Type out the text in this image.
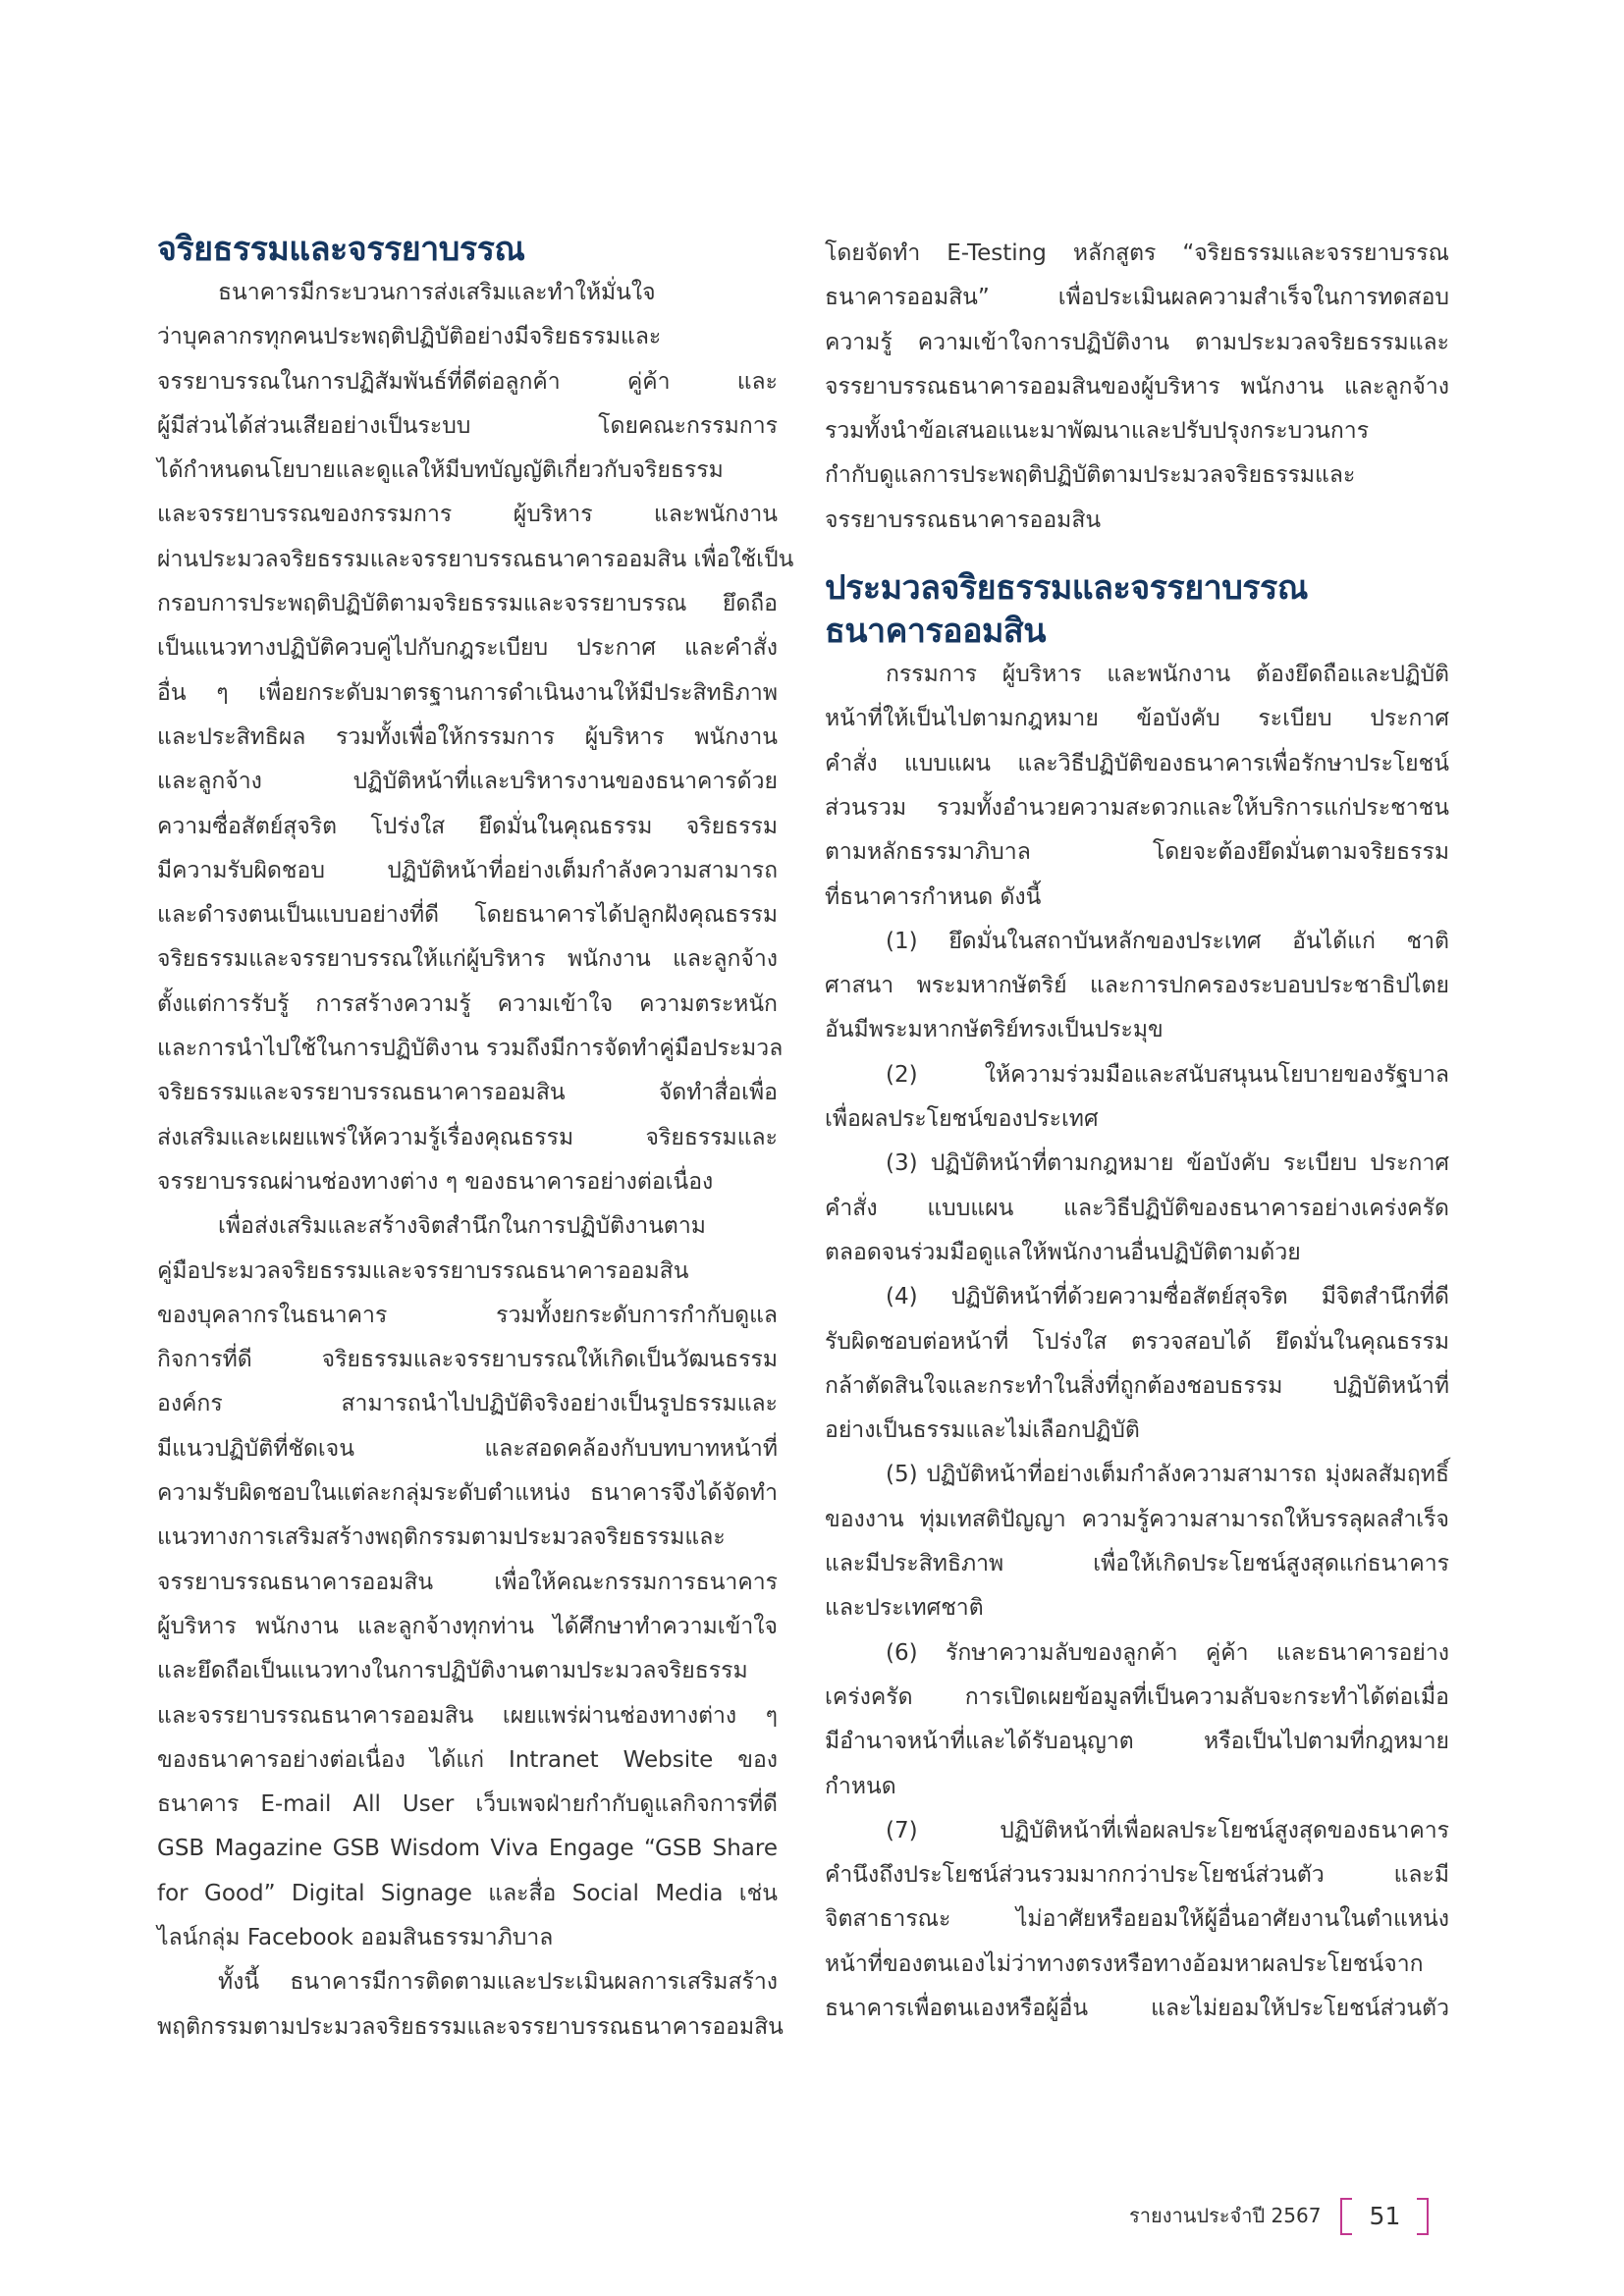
จริยธรรมและจรรยาบรรณ

ธนาคารมีกระบวนการส่งเสริมและทำให้มั่นใจ
ว่าบุคลากรทุกคนประพฤติปฏิบัติอย่างมีจริยธรรมและ
จรรยาบรรณในการปฏิสัมพันธ์ที่ดีต่อลูกค้า คู่ค้า และ
ผู้มีส่วนได้ส่วนเสียอย่างเป็นระบบ โดยคณะกรรมการ
ได้กำหนดนโยบายและดูแลให้มีบทบัญญัติเกี่ยวกับจริยธรรม
และจรรยาบรรณของกรรมการ ผู้บริหาร และพนักงาน
ผ่านประมวลจริยธรรมและจรรยาบรรณธนาคารออมสิน เพื่อใช้เป็น
กรอบการประพฤติปฏิบัติตามจริยธรรมและจรรยาบรรณ ยึดถือ
เป็นแนวทางปฏิบัติควบคู่ไปกับกฎระเบียบ ประกาศ และคำสั่ง
อื่น ๆ เพื่อยกระดับมาตรฐานการดำเนินงานให้มีประสิทธิภาพ
และประสิทธิผล รวมทั้งเพื่อให้กรรมการ ผู้บริหาร พนักงาน
และลูกจ้าง ปฏิบัติหน้าที่และบริหารงานของธนาคารด้วย
ความซื่อสัตย์สุจริต โปร่งใส ยึดมั่นในคุณธรรม จริยธรรม
มีความรับผิดชอบ ปฏิบัติหน้าที่อย่างเต็มกำลังความสามารถ
และดำรงตนเป็นแบบอย่างที่ดี โดยธนาคารได้ปลูกฝังคุณธรรม
จริยธรรมและจรรยาบรรณให้แก่ผู้บริหาร พนักงาน และลูกจ้าง
ตั้งแต่การรับรู้ การสร้างความรู้ ความเข้าใจ ความตระหนัก
และการนำไปใช้ในการปฏิบัติงาน รวมถึงมีการจัดทำคู่มือประมวล
จริยธรรมและจรรยาบรรณธนาคารออมสิน จัดทำสื่อเพื่อ
ส่งเสริมและเผยแพร่ให้ความรู้เรื่องคุณธรรม จริยธรรมและ
จรรยาบรรณผ่านช่องทางต่าง ๆ ของธนาคารอย่างต่อเนื่อง

เพื่อส่งเสริมและสร้างจิตสำนึกในการปฏิบัติงานตาม
คู่มือประมวลจริยธรรมและจรรยาบรรณธนาคารออมสิน
ของบุคลากรในธนาคาร รวมทั้งยกระดับการกำกับดูแล
กิจการที่ดี จริยธรรมและจรรยาบรรณให้เกิดเป็นวัฒนธรรม
องค์กร สามารถนำไปปฏิบัติจริงอย่างเป็นรูปธรรมและ
มีแนวปฏิบัติที่ชัดเจน และสอดคล้องกับบทบาทหน้าที่
ความรับผิดชอบในแต่ละกลุ่มระดับตำแหน่ง ธนาคารจึงได้จัดทำ
แนวทางการเสริมสร้างพฤติกรรมตามประมวลจริยธรรมและ
จรรยาบรรณธนาคารออมสิน เพื่อให้คณะกรรมการธนาคาร
ผู้บริหาร พนักงาน และลูกจ้างทุกท่าน ได้ศึกษาทำความเข้าใจ
และยึดถือเป็นแนวทางในการปฏิบัติงานตามประมวลจริยธรรม
และจรรยาบรรณธนาคารออมสิน เผยแพร่ผ่านช่องทางต่าง ๆ
ของธนาคารอย่างต่อเนื่อง ได้แก่ Intranet Website ของ
ธนาคาร E-mail All User เว็บเพจฝ่ายกำกับดูแลกิจการที่ดี
GSB Magazine GSB Wisdom Viva Engage “GSB Share
for Good” Digital Signage และสื่อ Social Media เช่น
ไลน์กลุ่ม Facebook ออมสินธรรมาภิบาล

ทั้งนี้ ธนาคารมีการติดตามและประเมินผลการเสริมสร้าง
พฤติกรรมตามประมวลจริยธรรมและจรรยาบรรณธนาคารออมสิน

โดยจัดทำ E-Testing หลักสูตร “จริยธรรมและจรรยาบรรณ
ธนาคารออมสิน” เพื่อประเมินผลความสำเร็จในการทดสอบ
ความรู้ ความเข้าใจการปฏิบัติงาน ตามประมวลจริยธรรมและ
จรรยาบรรณธนาคารออมสินของผู้บริหาร พนักงาน และลูกจ้าง
รวมทั้งนำข้อเสนอแนะมาพัฒนาและปรับปรุงกระบวนการ
กำกับดูแลการประพฤติปฏิบัติตามประมวลจริยธรรมและ
จรรยาบรรณธนาคารออมสิน

ประมวลจริยธรรมและจรรยาบรรณ
ธนาคารออมสิน

กรรมการ ผู้บริหาร และพนักงาน ต้องยึดถือและปฏิบัติ
หน้าที่ให้เป็นไปตามกฎหมาย ข้อบังคับ ระเบียบ ประกาศ
คำสั่ง แบบแผน และวิธีปฏิบัติของธนาคารเพื่อรักษาประโยชน์
ส่วนรวม รวมทั้งอำนวยความสะดวกและให้บริการแก่ประชาชน
ตามหลักธรรมาภิบาล โดยจะต้องยึดมั่นตามจริยธรรม
ที่ธนาคารกำหนด ดังนี้

(1) ยึดมั่นในสถาบันหลักของประเทศ อันได้แก่ ชาติ
ศาสนา พระมหากษัตริย์ และการปกครองระบอบประชาธิปไตย
อันมีพระมหากษัตริย์ทรงเป็นประมุข

(2) ให้ความร่วมมือและสนับสนุนนโยบายของรัฐบาล
เพื่อผลประโยชน์ของประเทศ

(3) ปฏิบัติหน้าที่ตามกฎหมาย ข้อบังคับ ระเบียบ ประกาศ
คำสั่ง แบบแผน และวิธีปฏิบัติของธนาคารอย่างเคร่งครัด
ตลอดจนร่วมมือดูแลให้พนักงานอื่นปฏิบัติตามด้วย

(4) ปฏิบัติหน้าที่ด้วยความซื่อสัตย์สุจริต มีจิตสำนึกที่ดี
รับผิดชอบต่อหน้าที่ โปร่งใส ตรวจสอบได้ ยึดมั่นในคุณธรรม
กล้าตัดสินใจและกระทำในสิ่งที่ถูกต้องชอบธรรม ปฏิบัติหน้าที่
อย่างเป็นธรรมและไม่เลือกปฏิบัติ

(5) ปฏิบัติหน้าที่อย่างเต็มกำลังความสามารถ มุ่งผลสัมฤทธิ์
ของงาน ทุ่มเทสติปัญญา ความรู้ความสามารถให้บรรลุผลสำเร็จ
และมีประสิทธิภาพ เพื่อให้เกิดประโยชน์สูงสุดแก่ธนาคาร
และประเทศชาติ

(6) รักษาความลับของลูกค้า คู่ค้า และธนาคารอย่าง
เคร่งครัด การเปิดเผยข้อมูลที่เป็นความลับจะกระทำได้ต่อเมื่อ
มีอำนาจหน้าที่และได้รับอนุญาต หรือเป็นไปตามที่กฎหมาย
กำหนด

(7) ปฏิบัติหน้าที่เพื่อผลประโยชน์สูงสุดของธนาคาร
คำนึงถึงประโยชน์ส่วนรวมมากกว่าประโยชน์ส่วนตัว และมี
จิตสาธารณะ ไม่อาศัยหรือยอมให้ผู้อื่นอาศัยงานในตำแหน่ง
หน้าที่ของตนเองไม่ว่าทางตรงหรือทางอ้อมหาผลประโยชน์จาก
ธนาคารเพื่อตนเองหรือผู้อื่น และไม่ยอมให้ประโยชน์ส่วนตัว

รายงานประจำปี 2567 51
